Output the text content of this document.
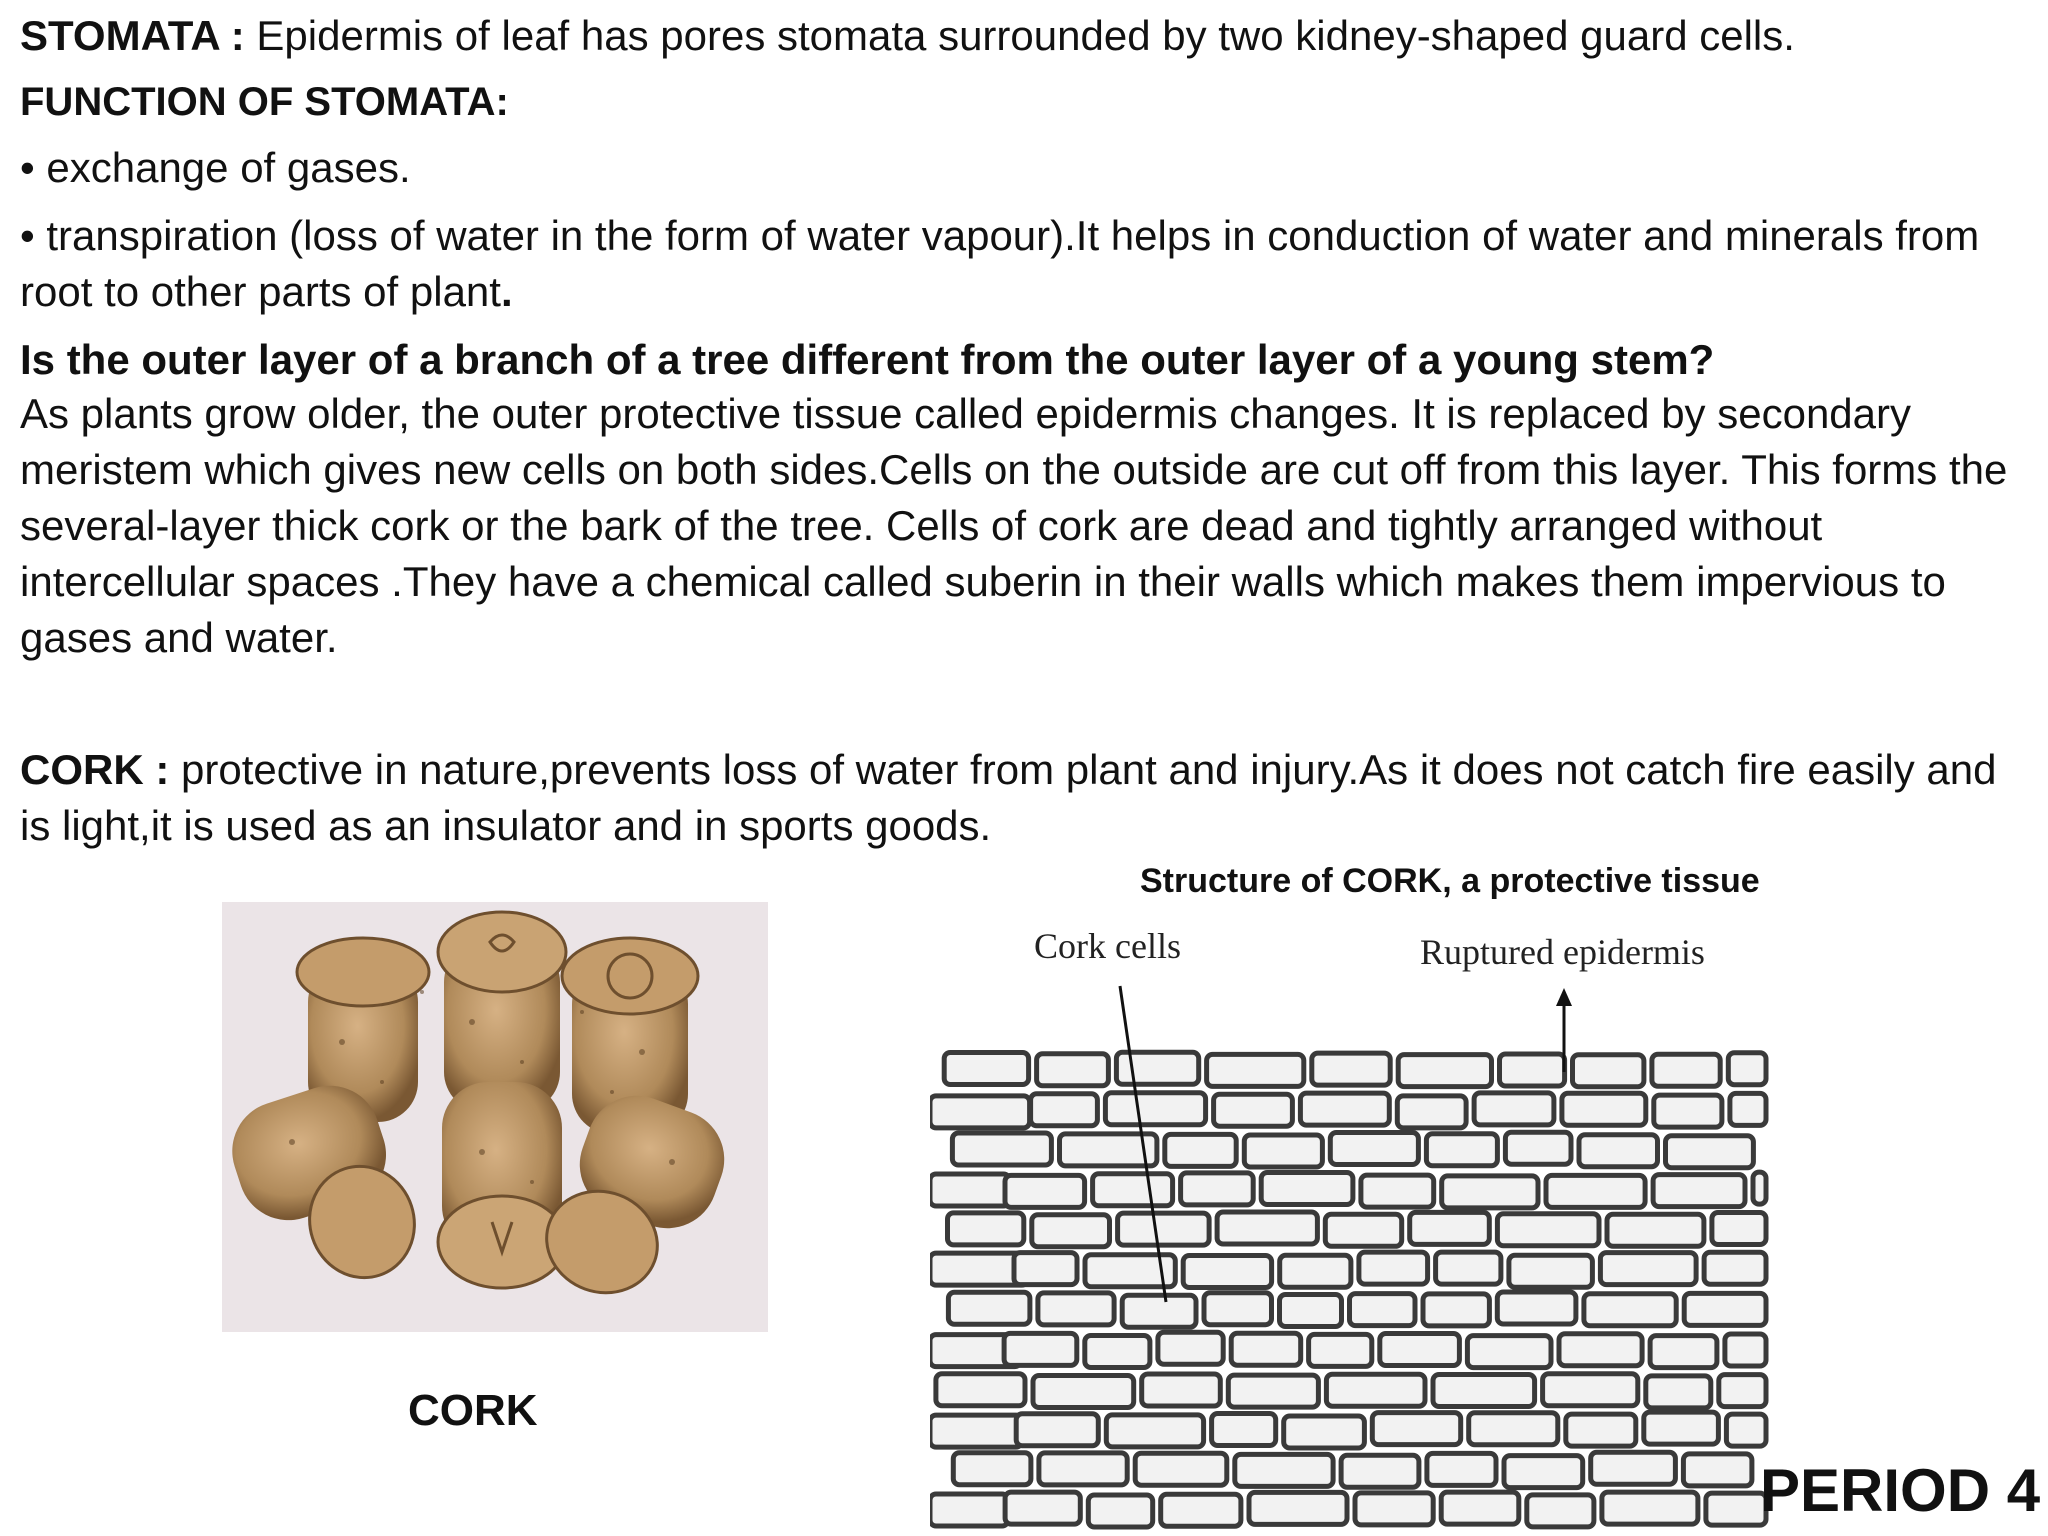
STOMATA : Epidermis of leaf has pores stomata surrounded by two kidney-shaped guard cells.
FUNCTION OF STOMATA:
• exchange of gases.
• transpiration (loss of water in the form of water vapour).It helps in conduction of water and minerals from root to other parts of plant.
Is the outer layer of a branch of a tree different from the outer layer of a young stem?
As plants grow older, the outer protective tissue called epidermis changes. It is replaced by secondary meristem which gives new cells on both sides.Cells on the outside are cut off from this layer. This forms the several-layer thick cork or the bark of the tree. Cells of cork are dead and tightly arranged without intercellular spaces .They have a chemical called suberin in their walls which makes them impervious to gases and water.
CORK : protective in nature,prevents loss of water from plant and injury.As it does not catch fire easily and is light,it is used as an insulator and in sports goods.
Structure of CORK, a protective tissue
CORK
Cork cells	Ruptured epidermis
PERIOD 4
